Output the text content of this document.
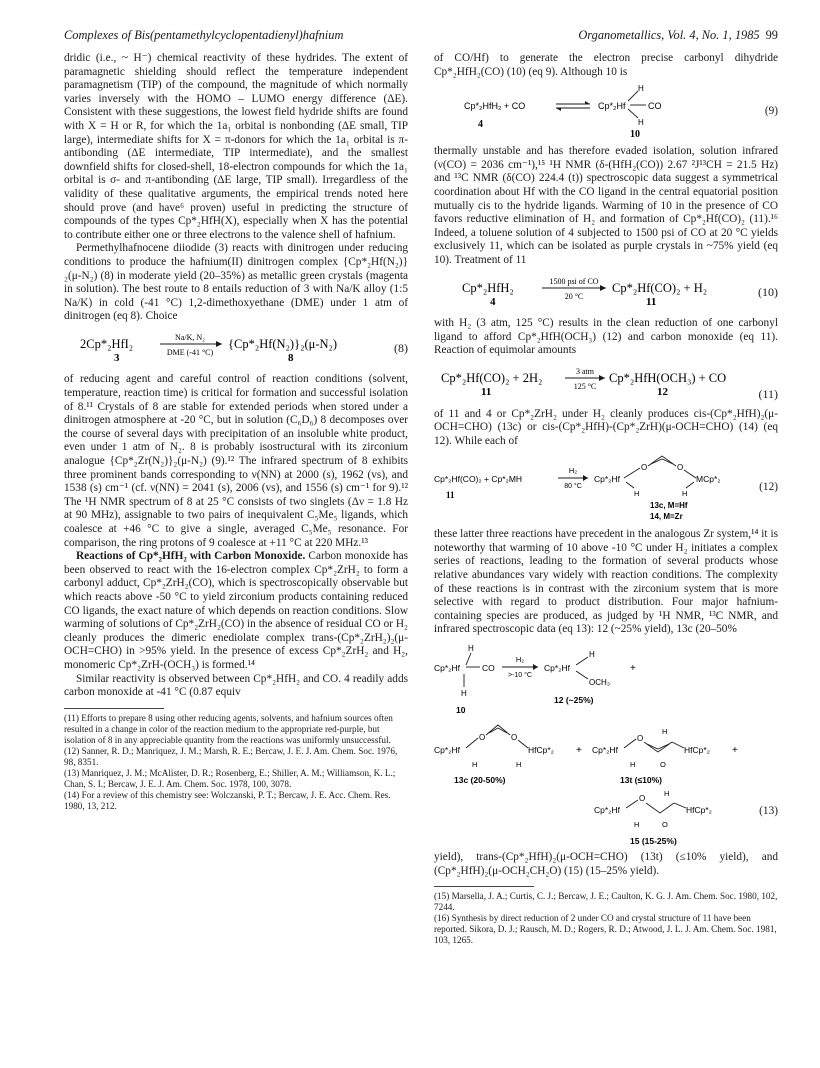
Complexes of Bis(pentamethylcyclopentadienyl)hafnium	Organometallics, Vol. 4, No. 1, 1985 99

dridic (i.e., ~ H⁻) chemical reactivity of these hydrides. The extent of paramagnetic shielding should reflect the temperature independent paramagnetism (TIP) of the compound, the magnitude of which normally varies inversely with the HOMO – LUMO energy difference (ΔE). Consistent with these suggestions, the lowest field hydride shifts are found with X = H or R, for which the 1a₁ orbital is nonbonding (ΔE small, TIP large), intermediate shifts for X = π-donors for which the 1a₁ orbital is π-antibonding (ΔE intermediate, TIP intermediate), and the smallest downfield shifts for closed-shell, 18-electron compounds for which the 1a₁ orbital is σ- and π-antibonding (ΔE large, TIP small). Irregardless of the validity of these qualitative arguments, the empirical trends noted here should prove (and have⁶ proven) useful in predicting the structure of compounds of the types Cp*₂HfH(X), especially when X has the potential to contribute either one or three electrons to the valence shell of hafnium.

Permethylhafnocene diiodide (3) reacts with dinitrogen under reducing conditions to produce the hafnium(II) dinitrogen complex {Cp*₂Hf(N₂)}₂(μ-N₂) (8) in moderate yield (20–35%) as metallic green crystals (magenta in solution). The best route to 8 entails reduction of 3 with Na/K alloy (1:5 Na/K) in cold (-41 °C) 1,2-dimethoxyethane (DME) under 1 atm of dinitrogen (eq 8). Choice

2Cp*₂HfI₂
3
Na/K, N₂
DME (-41 °C)
{Cp*₂Hf(N₂)}₂(μ-N₂)
8
(8)

of reducing agent and careful control of reaction conditions (solvent, temperature, reaction time) is critical for formation and successful isolation of 8.¹¹ Crystals of 8 are stable for extended periods when stored under a dinitrogen atmosphere at -20 °C, but in solution (C₆D₆) 8 decomposes over the course of several days with precipitation of an insoluble white product, even under 1 atm of N₂. 8 is probably isostructural with its zirconium analogue {Cp*₂Zr(N₂)}₂(μ-N₂) (9).¹² The infrared spectrum of 8 exhibits three prominent bands corresponding to ν(NN) at 2000 (s), 1962 (vs), and 1538 (s) cm⁻¹ (cf. ν(NN) = 2041 (s), 2006 (vs), and 1556 (s) cm⁻¹ for 9).¹² The ¹H NMR spectrum of 8 at 25 °C consists of two singlets (Δν = 1.8 Hz at 90 MHz), assignable to two pairs of inequivalent C₅Me₅ ligands, which coalesce at +46 °C to give a single, averaged C₅Me₅ resonance. For comparison, the ring protons of 9 coalesce at +11 °C at 220 MHz.¹³

Reactions of Cp*₂HfH₂ with Carbon Monoxide. Carbon monoxide has been observed to react with the 16-electron complex Cp*₂ZrH₂ to form a carbonyl adduct, Cp*₂ZrH₂(CO), which is spectroscopically observable but which reacts above -50 °C to yield zirconium products containing reduced CO ligands, the exact nature of which depends on reaction conditions. Slow warming of solutions of Cp*₂ZrH₂(CO) in the absence of residual CO or H₂ cleanly produces the dimeric enediolate complex trans-(Cp*₂ZrH₂)₂(μ-OCH=CHO) in >95% yield. In the presence of excess Cp*₂ZrH₂ and H₂, monomeric Cp*₂ZrH-(OCH₃) is formed.¹⁴

Similar reactivity is observed between Cp*₂HfH₂ and CO. 4 readily adds carbon monoxide at -41 °C (0.87 equiv

(11) Efforts to prepare 8 using other reducing agents, solvents, and hafnium sources often resulted in a change in color of the reaction medium to the appropriate red-purple, but isolation of 8 in any appreciable quantity from the reactions was uniformly unsuccessful.

(12) Sanner, R. D.; Manriquez, J. M.; Marsh, R. E.; Bercaw, J. E. J. Am. Chem. Soc. 1976, 98, 8351.

(13) Manriquez, J. M.; McAlister, D. R.; Rosenberg, E.; Shiller, A. M.; Williamson, K. L.; Chan, S. I.; Bercaw, J. E. J. Am. Chem. Soc. 1978, 100, 3078.

(14) For a review of this chemistry see: Wolczanski, P. T.; Bercaw, J. E. Acc. Chem. Res. 1980, 13, 212.

of CO/Hf) to generate the electron precise carbonyl dihydride Cp*₂HfH₂(CO) (10) (eq 9). Although 10 is

Cp*₂HfH₂ + CO
4
Cp*₂Hf CO
H
H
10
(9)

thermally unstable and has therefore evaded isolation, solution infrared (ν(CO) = 2036 cm⁻¹),¹⁵ ¹H NMR (δ-(HfH₂(CO)) 2.67 ²J¹³CH = 21.5 Hz) and ¹³C NMR (δ(CO) 224.4 (t)) spectroscopic data suggest a symmetrical coordination about Hf with the CO ligand in the central equatorial position mutually cis to the hydride ligands. Warming of 10 in the presence of CO favors reductive elimination of H₂ and formation of Cp*₂Hf(CO)₂ (11).¹⁶ Indeed, a toluene solution of 4 subjected to 1500 psi of CO at 20 °C yields exclusively 11, which can be isolated as purple crystals in ~75% yield (eq 10). Treatment of 11

Cp*₂HfH₂
4
1500 psi of CO
20 °C
Cp*₂Hf(CO)₂ + H₂
11
(10)

with H₂ (3 atm, 125 °C) results in the clean reduction of one carbonyl ligand to afford Cp*₂HfH(OCH₃) (12) and carbon monoxide (eq 11). Reaction of equimolar amounts

Cp*₂Hf(CO)₂ + 2H₂
11
3 atm
125 °C
Cp*₂HfH(OCH₃) + CO
12	(11)

of 11 and 4 or Cp*₂ZrH₂ under H₂ cleanly produces cis-(Cp*₂HfH)₂(μ-OCH=CHO) (13c) or cis-(Cp*₂HfH)-(Cp*₂ZrH)(μ-OCH=CHO) (14) (eq 12). While each of

Cp*₂Hf(CO)₂ + Cp*₂MH
11
H₂
80 °C
Cp*₂Hf
O	O
MCp*₂
H	H
13c, M=Hf
14, M=Zr
(12)

these latter three reactions have precedent in the analogous Zr system,¹⁴ it is noteworthy that warming of 10 above -10 °C under H₂ initiates a complex series of reactions, leading to the formation of several products whose relative abundances vary widely with reaction conditions. The complexity of these reactions is in contrast with the zirconium system that is more selective with regard to product distribution. Four major hafnium-containing species are produced, as judged by ¹H NMR, ¹³C NMR, and infrared spectroscopic data (eq 13): 12 (~25% yield), 13c (20–50%

H
Cp*₂Hf	CO
H
10
H₂
>-10 °C
Cp*₂Hf
H
OCH₃
+
12 (~25%)
Cp*₂Hf
O	O
HfCp*₂
H	H
+ Cp*₂Hf
O
H
HfCp*₂
H	O
+
13c (20-50%)	13t (≤10%)
Cp*₂Hf
O
H
HfCp*₂
H	O
15 (15-25%)
(13)

yield), trans-(Cp*₂HfH)₂(μ-OCH=CHO) (13t) (≤10% yield), and (Cp*₂HfH)₂(μ-OCH₂CH₂O) (15) (15–25% yield).

(15) Marsella, J. A.; Curtis, C. J.; Bercaw, J. E.; Caulton, K. G. J. Am. Chem. Soc. 1980, 102, 7244.

(16) Synthesis by direct reduction of 2 under CO and crystal structure of 11 have been reported. Sikora, D. J.; Rausch, M. D.; Rogers, R. D.; Atwood, J. L. J. Am. Chem. Soc. 1981, 103, 1265.
